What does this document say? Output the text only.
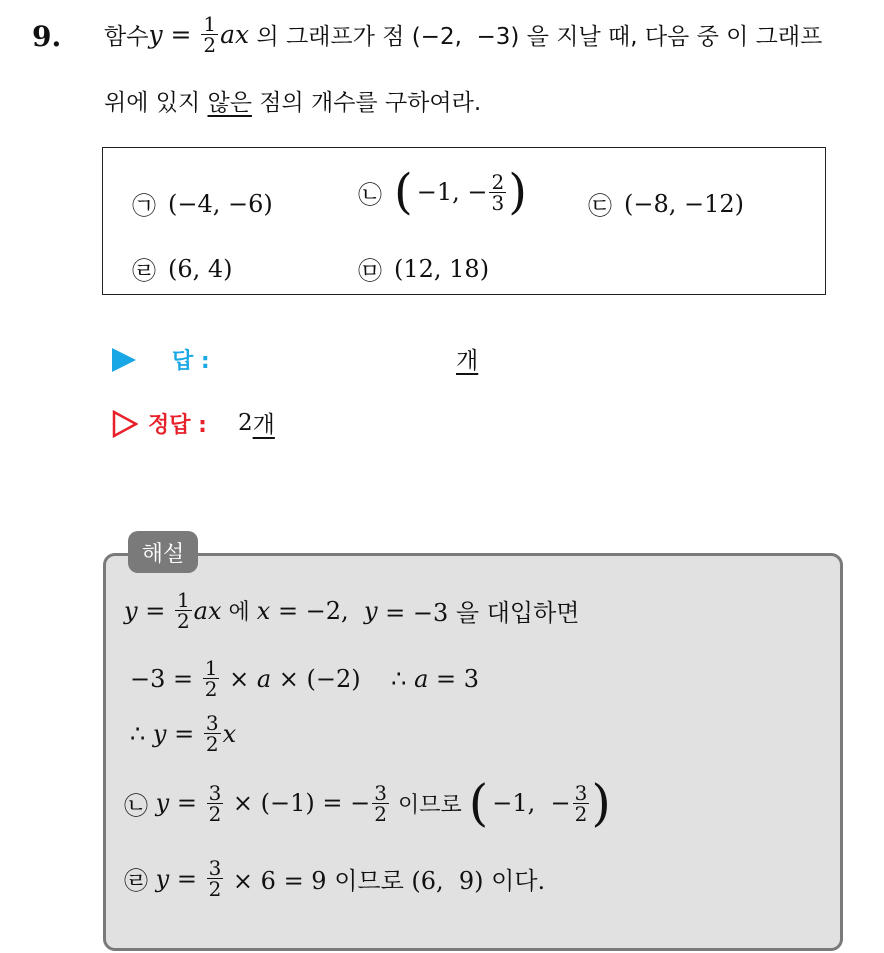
9. 함수 $y = \frac{1}{2}$ ax 의 그래프가 점 (−2,  −3) 을 지날 때, 다음 중 이 그래프
위에 있지 않은 점의 개수를 구하여라.
㉠ (−4, −6)	㉡ ( −1, − $\frac{2}{3}$ )	㉢ (−8, −12)
㉣ (6, 4)	㉤ (12, 18)
답 :	개
정답 : 2 개
해설
$y = \frac{1}{2}$ ax 에 x = −2, y = −3 을 대입하면
$-3 = \frac{1}{2} \times a \times (-2)$    ∴ a = 3
∴ $y = \frac{3}{2}$ x
㉡ $y = \frac{3}{2} \times (-1)$ = − $\frac{3}{2}$ 이므로 ( −1,  − $\frac{3}{2}$ )
㉣ $y = \frac{3}{2} \times 6 = 9$ 이므로 (6,  9) 이다.
